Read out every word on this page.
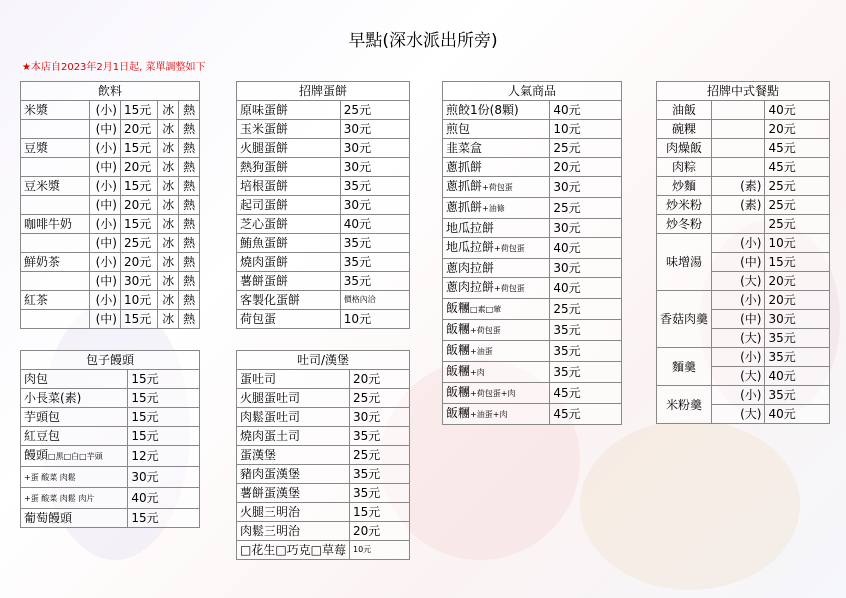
早點(深水派出所旁)
★本店自2023年2月1日起, 菜單調整如下
飲料				
米漿	(小)	15元	冰	熱
	(中)	20元	冰	熱
豆漿	(小)	15元	冰	熱
	(中)	20元	冰	熱
豆米漿	(小)	15元	冰	熱
	(中)	20元	冰	熱
咖啡牛奶	(小)	15元	冰	熱
	(中)	25元	冰	熱
鮮奶茶	(小)	20元	冰	熱
	(中)	30元	冰	熱
紅茶	(小)	10元	冰	熱
	(中)	15元	冰	熱
招牌蛋餅	
原味蛋餅	25元
玉米蛋餅	30元
火腿蛋餅	30元
熱狗蛋餅	30元
培根蛋餅	35元
起司蛋餅	30元
芝心蛋餅	40元
鮪魚蛋餅	35元
燒肉蛋餅	35元
薯餅蛋餅	35元
客製化蛋餅	價格內洽
荷包蛋	10元
人氣商品	
煎餃1份(8顆)	40元
煎包	10元
韭菜盒	25元
蔥抓餅	20元
蔥抓餅+荷包蛋	30元
蔥抓餅+油條	25元
地瓜拉餅	30元
地瓜拉餅+荷包蛋	40元
蔥肉拉餅	30元
蔥肉拉餅+荷包蛋	40元
飯糰□素□葷	25元
飯糰+荷包蛋	35元
飯糰+油蛋	35元
飯糰+肉	35元
飯糰+荷包蛋+肉	45元
飯糰+油蛋+肉	45元
招牌中式餐點		
油飯		40元
碗粿		20元
肉燥飯		45元
肉粽		45元
炒麵	(素)	25元
炒米粉	(素)	25元
炒冬粉		25元
味增湯	(小)	10元
	(中)	15元
	(大)	20元
香菇肉羹	(小)	20元
	(中)	30元
	(大)	35元
麵羹	(小)	35元
	(大)	40元
米粉羹	(小)	35元
	(大)	40元
包子饅頭	
肉包	15元
小長菜(素)	15元
芋頭包	15元
紅豆包	15元
饅頭□黑□白□芋頭	12元
+蛋 酸菜 肉鬆	30元
+蛋 酸菜 肉鬆 肉片	40元
葡萄饅頭	15元
吐司/漢堡	
蛋吐司	20元
火腿蛋吐司	25元
肉鬆蛋吐司	30元
燒肉蛋土司	35元
蛋漢堡	25元
豬肉蛋漢堡	35元
薯餅蛋漢堡	35元
火腿三明治	15元
肉鬆三明治	20元
□花生□巧克□草莓	10元
